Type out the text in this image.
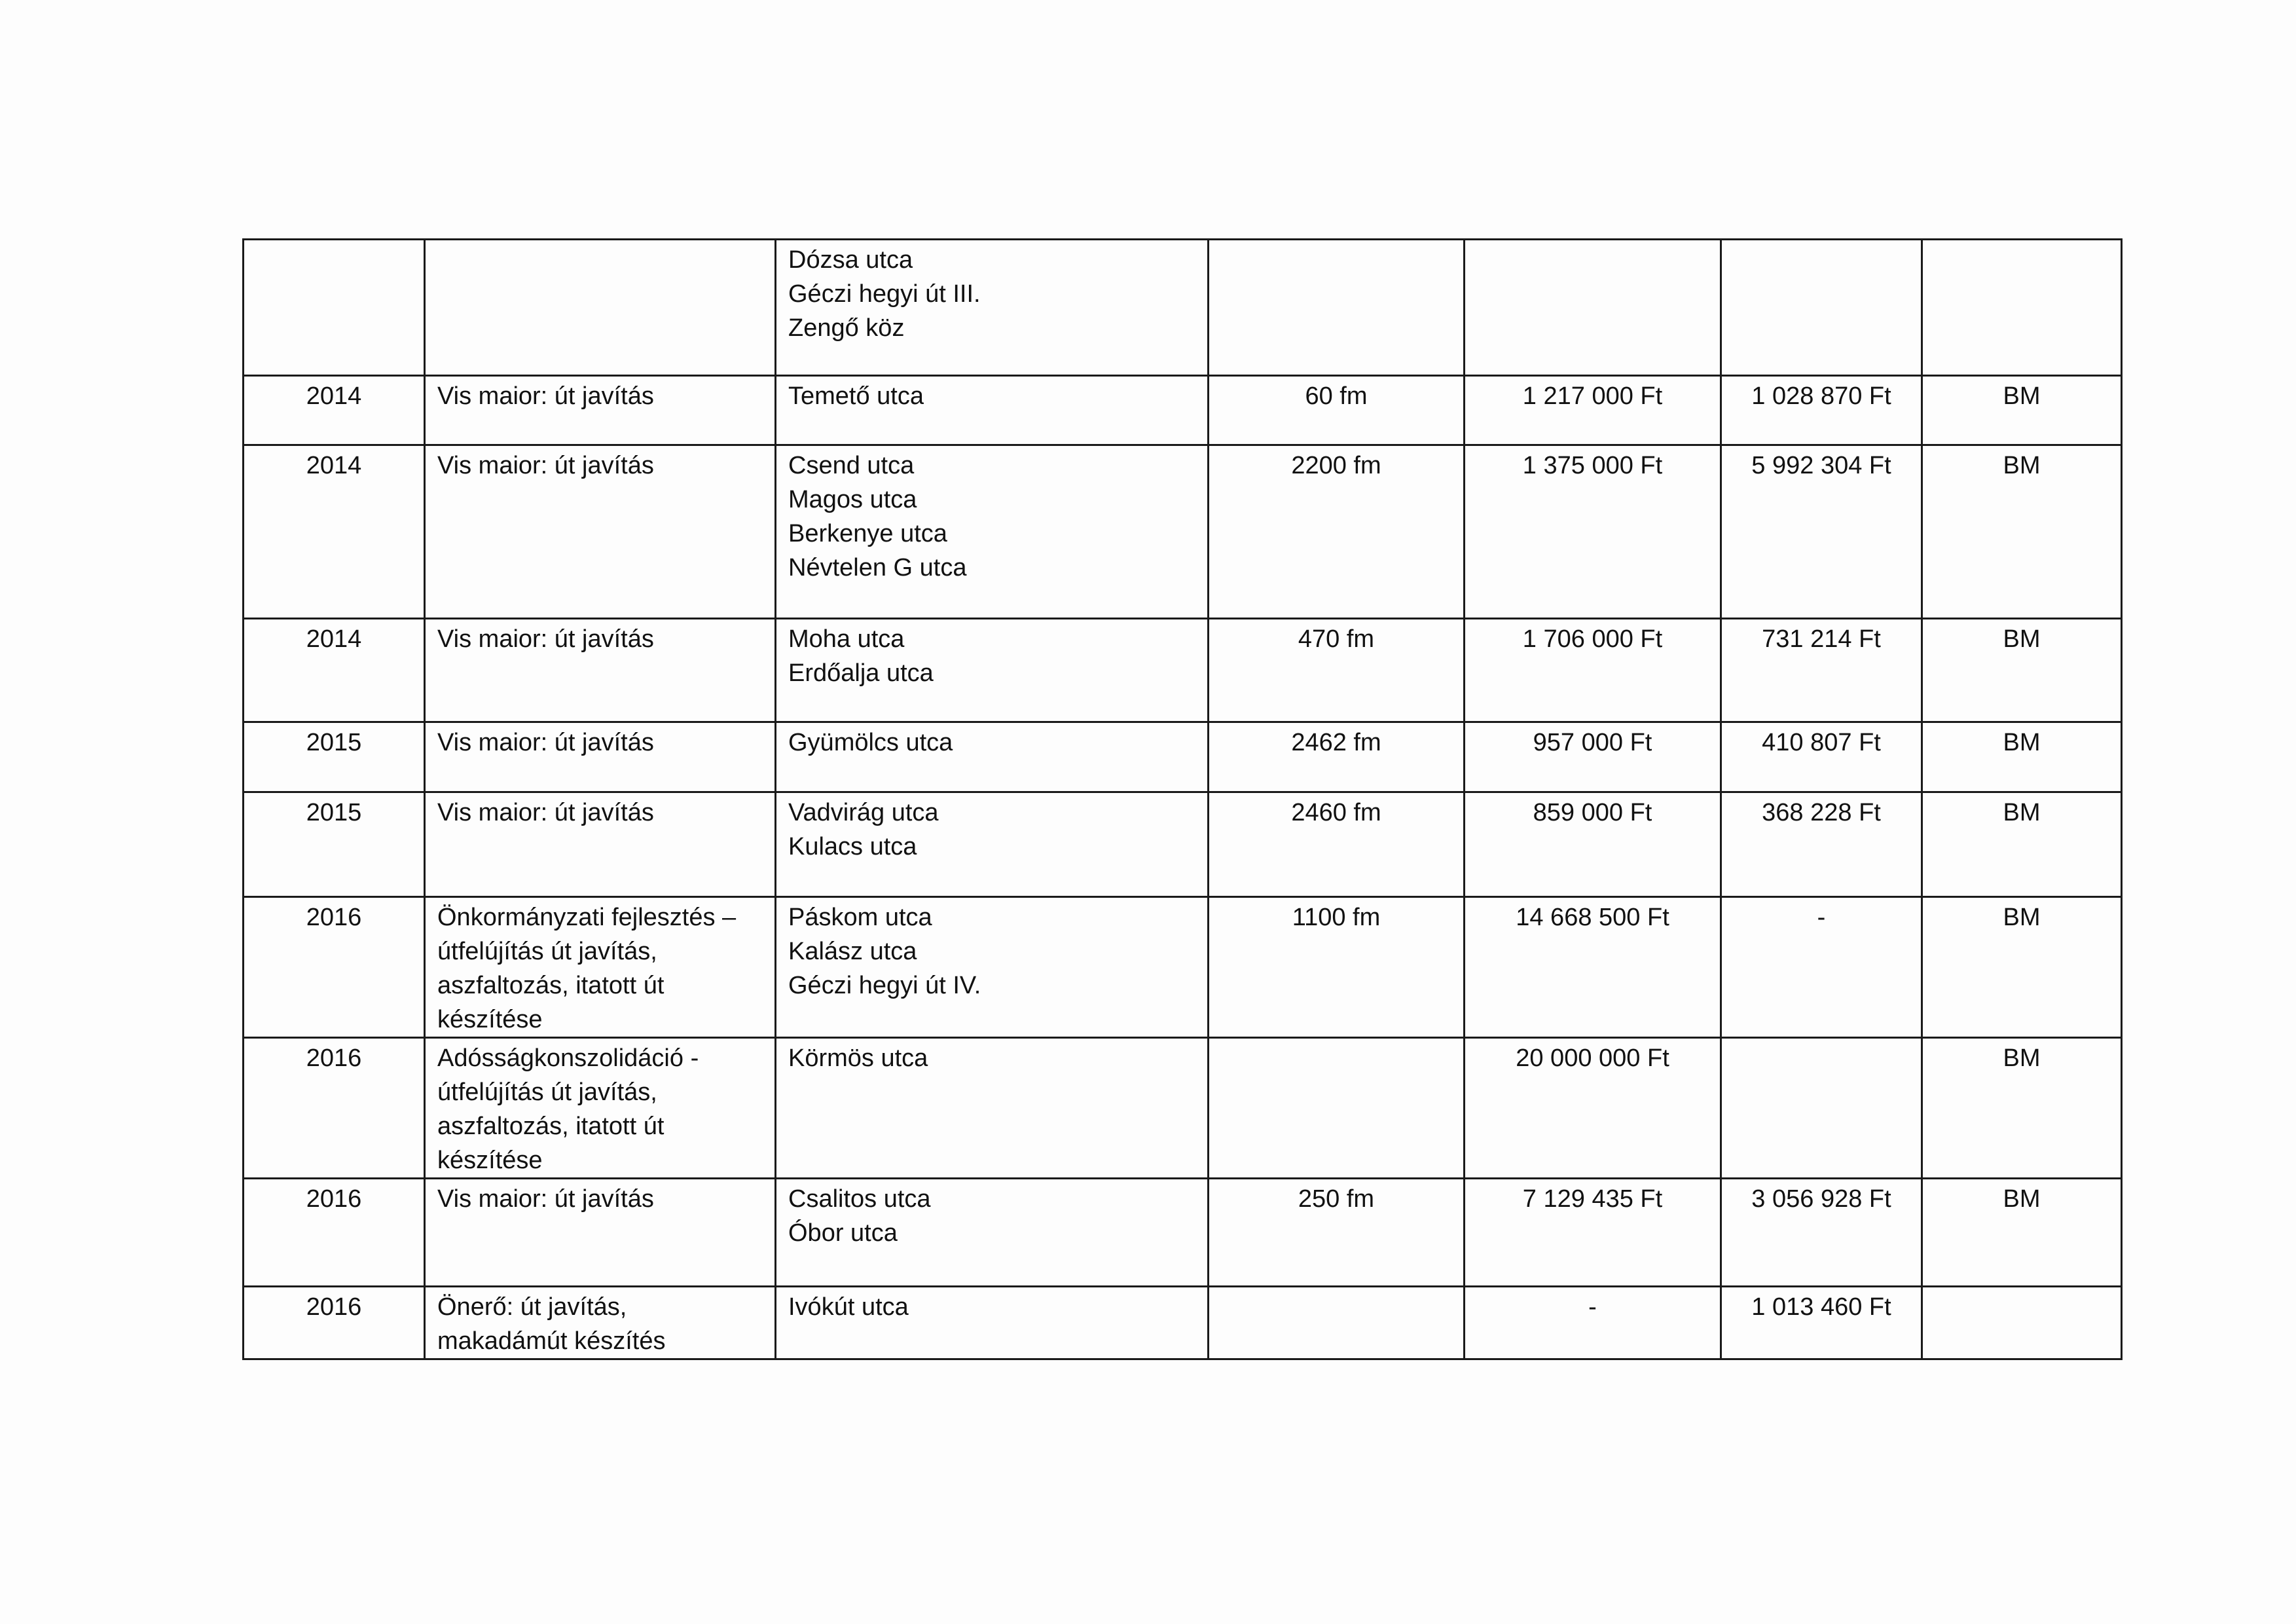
		Dózsa utca
Géczi hegyi út III.
Zengő köz				

2014	Vis maior: út javítás	Temető utca	60 fm	1 217 000 Ft	1 028 870 Ft	BM
2014	Vis maior: út javítás	Csend utca
Magos utca
Berkenye utca
Névtelen G utca	2200 fm	1 375 000 Ft	5 992 304 Ft	BM
2014	Vis maior: út javítás	Moha utca
Erdőalja utca	470 fm	1 706 000 Ft	731 214 Ft	BM
2015	Vis maior: út javítás	Gyümölcs utca	2462 fm	957 000 Ft	410 807 Ft	BM
2015	Vis maior: út javítás	Vadvirág utca
Kulacs utca	2460 fm	859 000 Ft	368 228 Ft	BM
2016	Önkormányzati fejlesztés –
útfelújítás út javítás,
aszfaltozás, itatott út
készítése	Páskom utca
Kalász utca
Géczi hegyi út IV.	1100 fm	14 668 500 Ft	-	BM
2016	Adósságkonszolidáció -
útfelújítás út javítás,
aszfaltozás, itatott út
készítése	Körmös utca		20 000 000 Ft		BM
2016	Vis maior: út javítás	Csalitos utca
Óbor utca	250 fm	7 129 435 Ft	3 056 928 Ft	BM
2016	Önerő: út javítás,
makadámút készítés	Ivókút utca		-	1 013 460 Ft	
